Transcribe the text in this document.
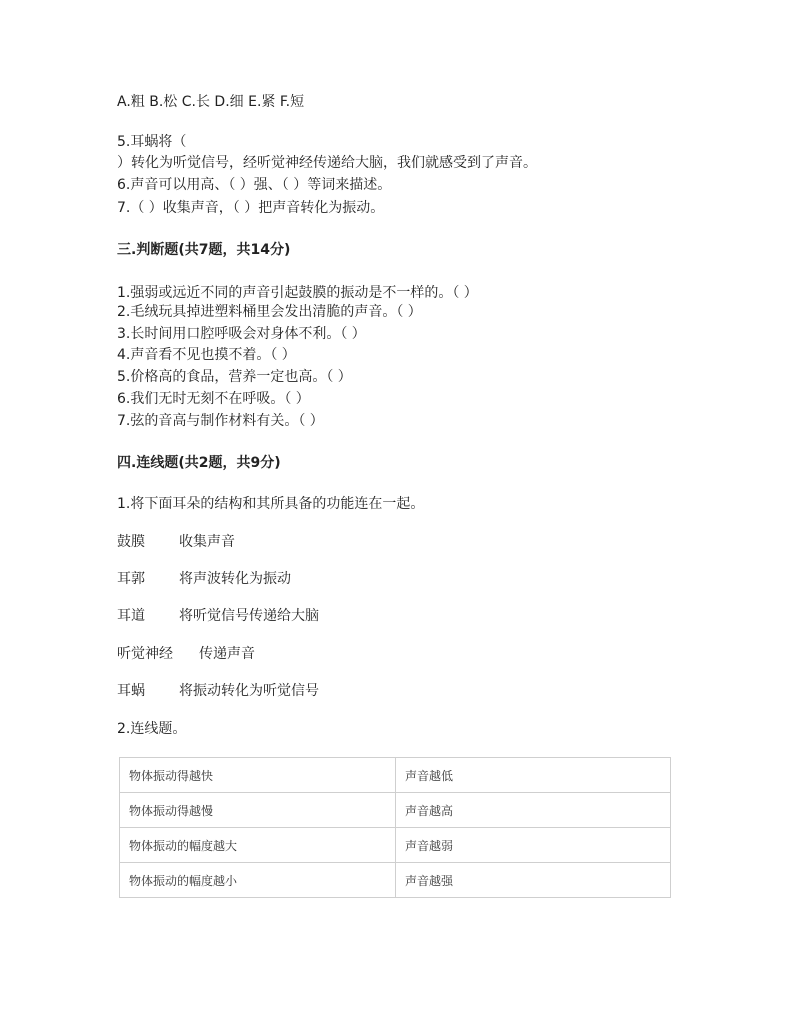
A.粗 B.松 C.长 D.细 E.紧 F.短
5.耳蜗将（
）转化为听觉信号，经听觉神经传递给大脑，我们就感受到了声音。
6.声音可以用高、（ ）强、（ ）等词来描述。
7.（ ）收集声音，（ ）把声音转化为振动。
三.判断题(共7题，共14分)
1.强弱或远近不同的声音引起鼓膜的振动是不一样的。（ ）
2.毛绒玩具掉进塑料桶里会发出清脆的声音。（ ）
3.长时间用口腔呼吸会对身体不利。（ ）
4.声音看不见也摸不着。（ ）
5.价格高的食品，营养一定也高。（ ）
6.我们无时无刻不在呼吸。（ ）
7.弦的音高与制作材料有关。（ ）
四.连线题(共2题，共9分)
1.将下面耳朵的结构和其所具备的功能连在一起。
鼓膜 收集声音
耳郭 将声波转化为振动
耳道 将听觉信号传递给大脑
听觉神经 传递声音
耳蜗 将振动转化为听觉信号
2.连线题。
物体振动得越快	声音越低
物体振动得越慢	声音越高
物体振动的幅度越大	声音越弱
物体振动的幅度越小	声音越强
